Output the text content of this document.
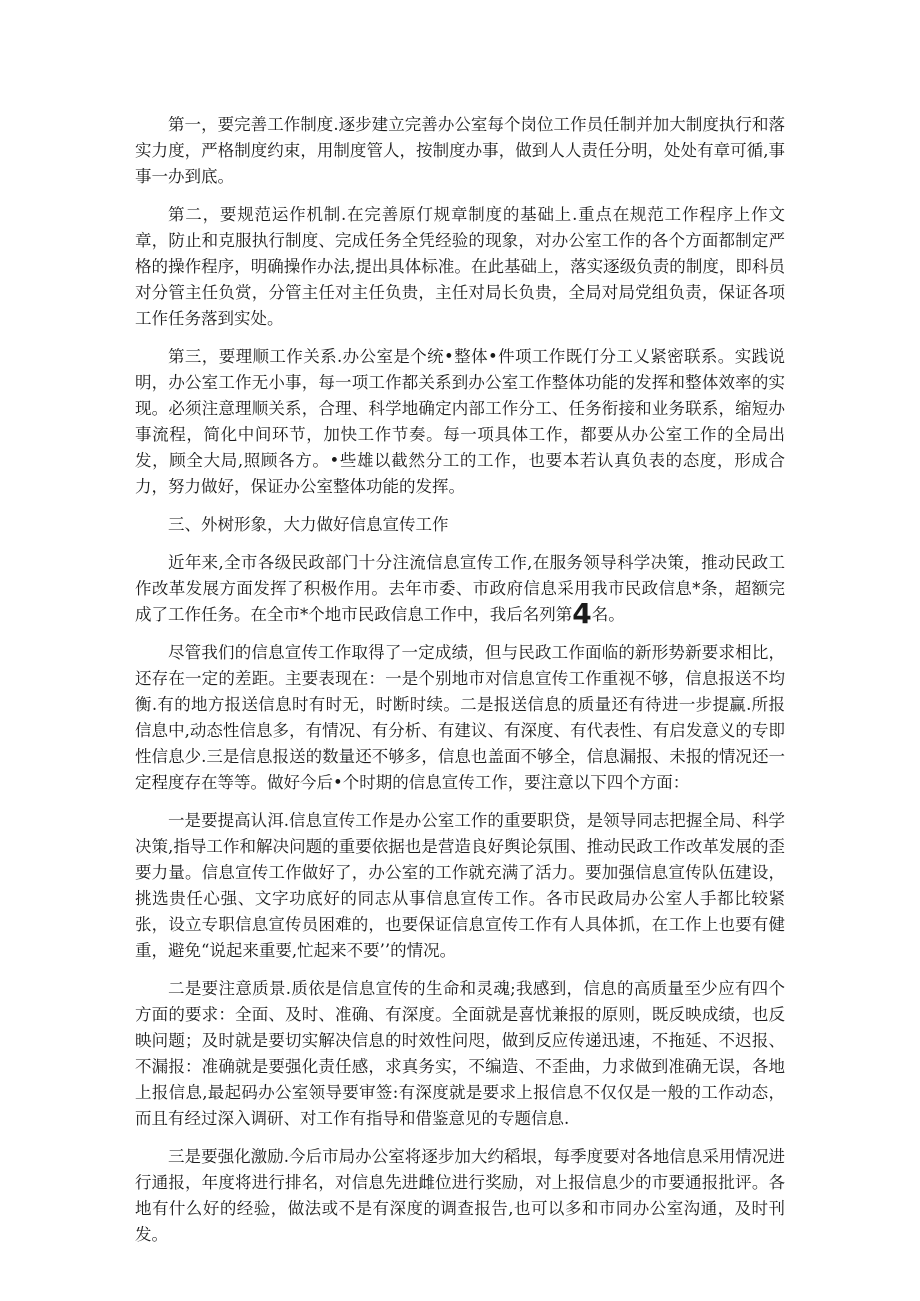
第一，要完善工作制度.逐步建立完善办公室每个岗位工作员任制并加大制度执行和落实力度，严格制度约束，用制度管人，按制度办事，做到人人责任分明，处处有章可循,事事一办到底。

第二，要规范运作机制.在完善原仃规章制度的基础上.重点在规范工作程序上作文章，防止和克服执行制度、完成任务全凭经验的现象，对办公室工作的各个方面都制定严格的操作程序，明确操作办法,提出具体标准。在此基础上，落实逐级负责的制度，即科员对分管主任负赏，分管主任对主任负贵，主任对局长负贵，全局对局党组负责，保证各项工作任务落到实处。

第三，要理顺工作关系.办公室是个统•整体•件项工作既仃分工乂紧密联系。实践说明，办公室工作无小事，每一项工作都关系到办公室工作整体功能的发挥和整体效率的实现。必须注意理顺关系，合理、科学地确定内部工作分工、任务衔接和业务联系，缩短办事流程，简化中间环节，加快工作节奏。每一项具体工作，都要从办公室工作的全局出发，顾全大局,照顾各方。•些雄以截然分工的工作，也要本若认真负表的态度，形成合力，努力做好，保证办公室整体功能的发挥。

三、外树形象，大力做好信息宣传工作

近年来,全市各级民政部门十分注流信息宣传工作,在服务领导科学决策，推动民政工作改革发展方面发挥了积极作用。去年市委、市政府信息采用我市民政信息*条，超额完成了工作任务。在全市*个地市民政信息工作中，我后名列第4名。

尽管我们的信息宣传工作取得了一定成绩，但与民政工作面临的新形势新要求相比，还存在一定的差距。主要表现在：一是个别地市对信息宣传工作重视不够，信息报送不均衡.有的地方报送信息时有时无，时断时续。二是报送信息的质量还有待进一步提赢.所报信息中,动态性信息多，有情况、有分析、有建议、有深度、有代表性、有启发意义的专即性信息少.三是信息报送的数量还不够多，信息也盖面不够全，信息漏报、未报的情况还一定程度存在等等。做好今后•个时期的信息宣传工作，要注意以下四个方面：

一是要提高认洱.信息宣传工作是办公室工作的重要职贷，是领导同志把握全局、科学决策,指导工作和解决问题的重要依据也是营造良好舆论氛围、推动民政工作改革发展的歪要力量。信息宣传工作做好了，办公室的工作就充满了活力。要加强信息宣传队伍建设，挑选贵任心强、文字功底好的同志从事信息宣传工作。各市民政局办公室人手都比较紧张，设立专职信息宣传员困难的，也要保证信息宣传工作有人具体抓，在工作上也要有健重，避免“说起来重要,忙起来不要’’的情况。

二是要注意质景.质依是信息宣传的生命和灵魂;我感到，信息的高质量至少应有四个方面的要求：全面、及时、准确、有深度。全面就是喜忧兼报的原则，既反映成绩，也反映问题；及时就是要切实解决信息的时效性问咫，做到反应传递迅速，不拖延、不迟报、不漏报：准确就是要强化责任感，求真务实，不编造、不歪曲，力求做到准确无误，各地上报信息,最起码办公室领导要审签:有深度就是要求上报信息不仅仅是一般的工作动态，而且有经过深入调研、对工作有指导和借鉴意见的专题信息.

三是要强化激励.今后市局办公室将逐步加大约稻垠，每季度要对各地信息采用情况进行通报，年度将进行排名，对信息先进雌位进行奖励，对上报信息少的市要通报批评。各地有什么好的经验，做法或不是有深度的调查报告,也可以多和市同办公室沟通，及时刊发。
